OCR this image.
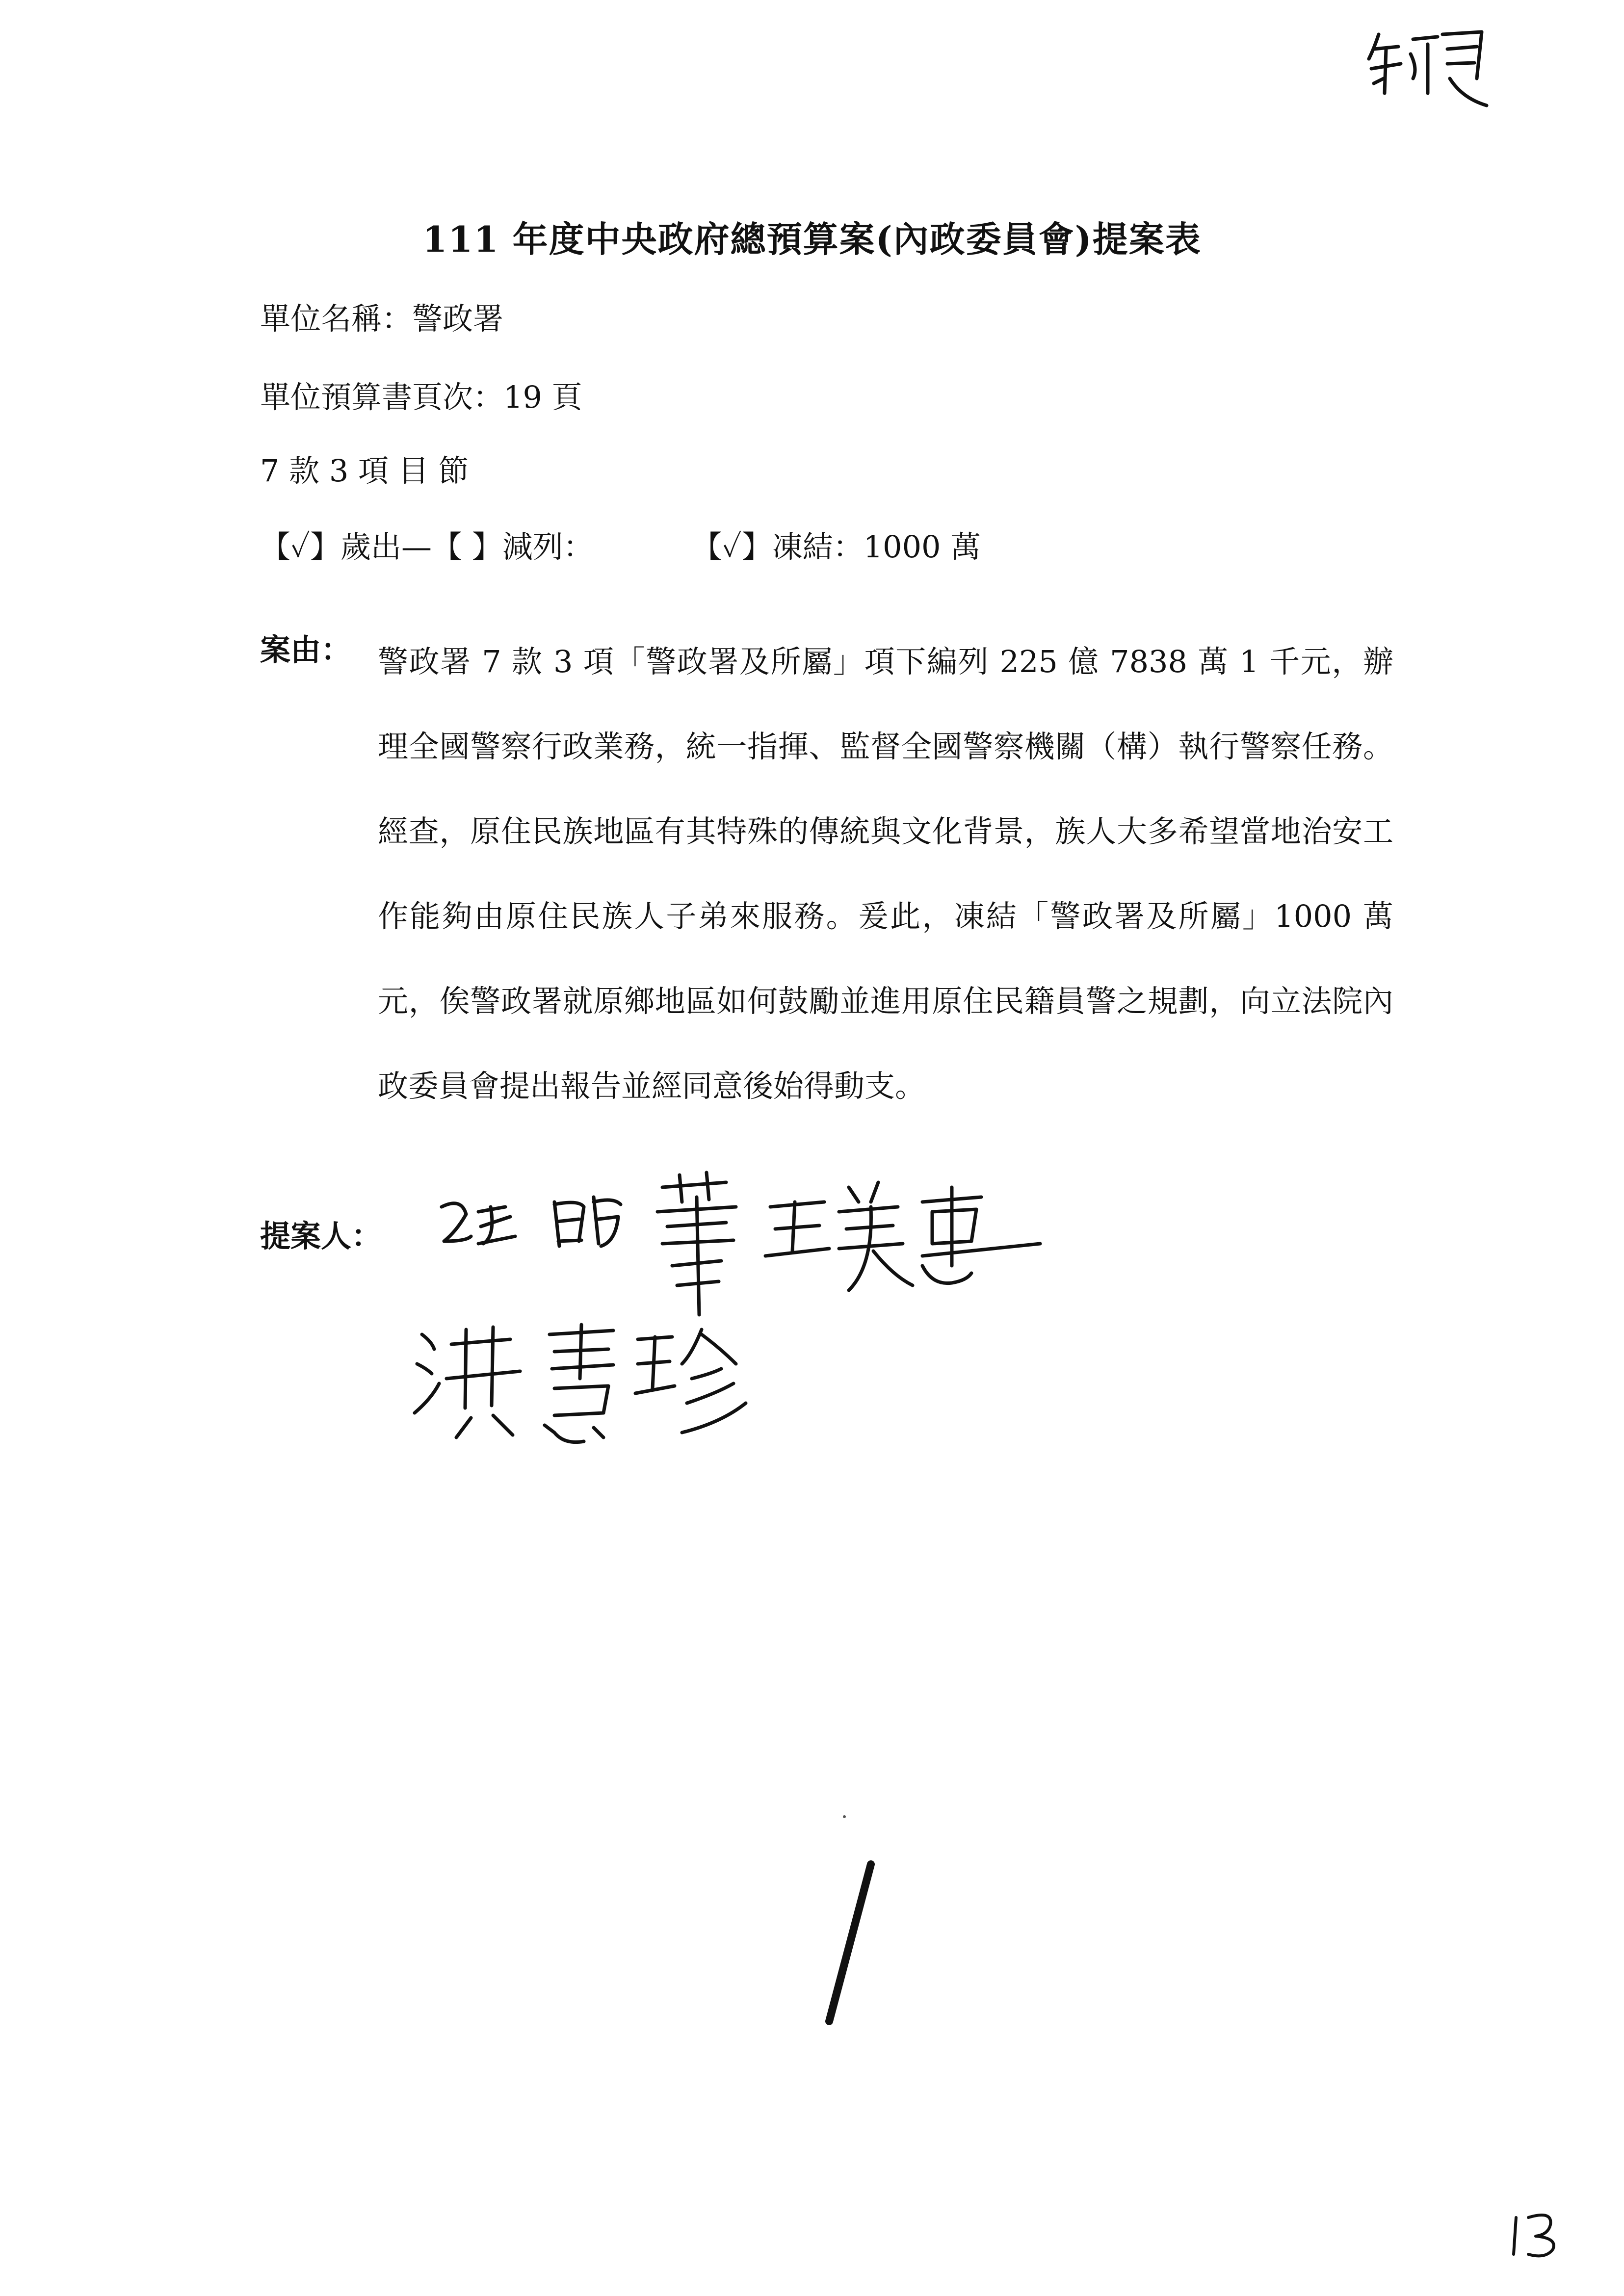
111 年度中央政府總預算案(內政委員會)提案表
單位名稱：警政署
單位預算書頁次：19 頁
7 款 3 項 目 節
【✓】歲出—【 】減列：	【✓】凍結：1000 萬
案由： 警政署 7 款 3 項「警政署及所屬」項下編列 225 億 7838 萬 1 千元，辦理全國警察行政業務，統一指揮、監督全國警察機關（構）執行警察任務。經查，原住民族地區有其特殊的傳統與文化背景，族人大多希望當地治安工作能夠由原住民族人子弟來服務。爰此，凍結「警政署及所屬」1000 萬元，俟警政署就原鄉地區如何鼓勵並進用原住民籍員警之規劃，向立法院內政委員會提出報告並經同意後始得動支。
提案人：
